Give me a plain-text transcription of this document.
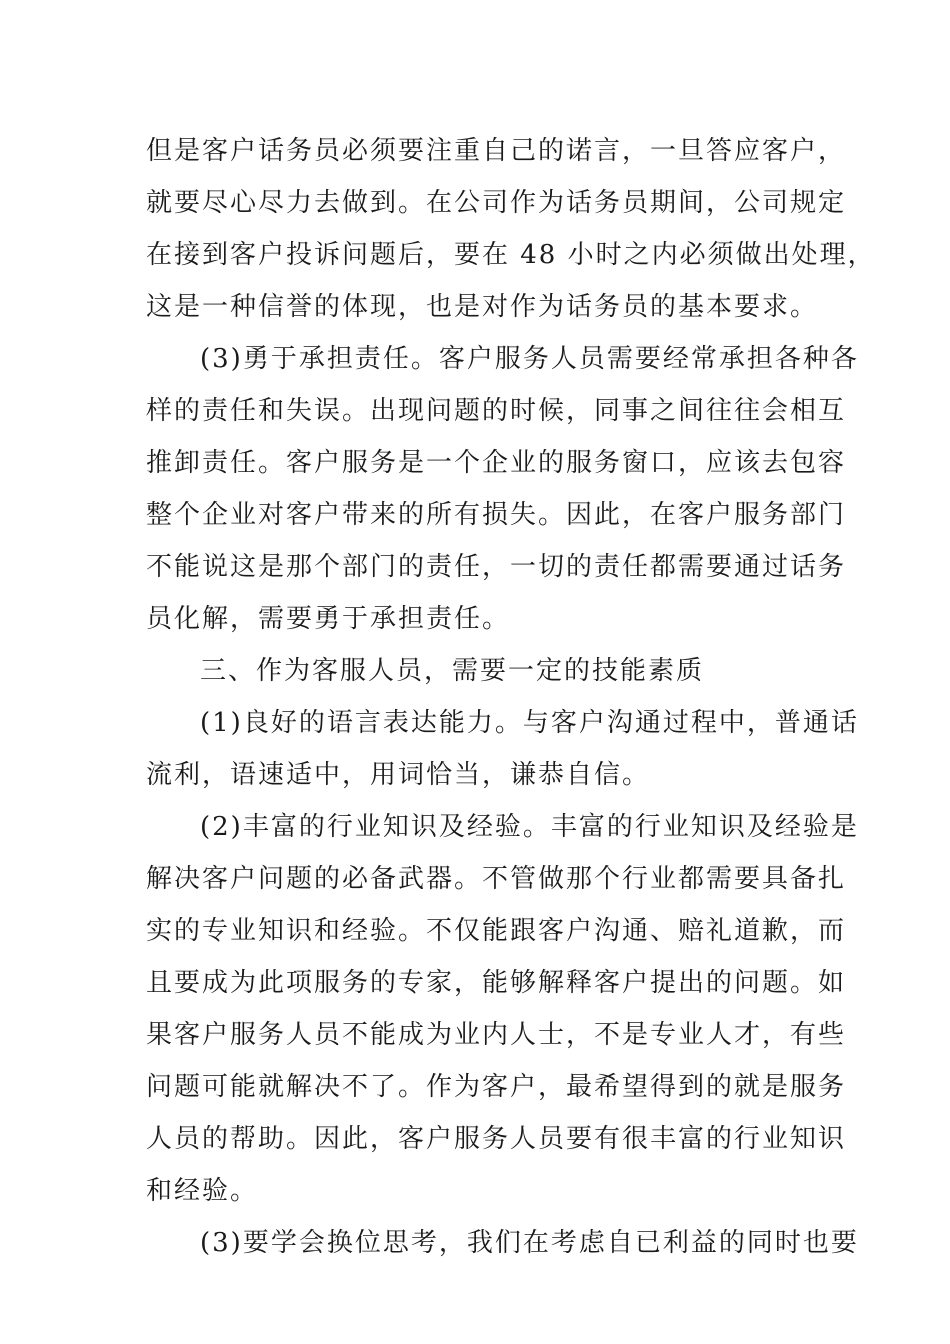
但是客户话务员必须要注重自己的诺言，一旦答应客户，
就要尽心尽力去做到。在公司作为话务员期间，公司规定
在接到客户投诉问题后，要在 48 小时之内必须做出处理，
这是一种信誉的体现，也是对作为话务员的基本要求。
(3)勇于承担责任。客户服务人员需要经常承担各种各
样的责任和失误。出现问题的时候，同事之间往往会相互
推卸责任。客户服务是一个企业的服务窗口，应该去包容
整个企业对客户带来的所有损失。因此，在客户服务部门
不能说这是那个部门的责任，一切的责任都需要通过话务
员化解，需要勇于承担责任。
三、作为客服人员，需要一定的技能素质
(1)良好的语言表达能力。与客户沟通过程中，普通话
流利，语速适中，用词恰当，谦恭自信。
(2)丰富的行业知识及经验。丰富的行业知识及经验是
解决客户问题的必备武器。不管做那个行业都需要具备扎
实的专业知识和经验。不仅能跟客户沟通、赔礼道歉，而
且要成为此项服务的专家，能够解释客户提出的问题。如
果客户服务人员不能成为业内人士，不是专业人才，有些
问题可能就解决不了。作为客户，最希望得到的就是服务
人员的帮助。因此，客户服务人员要有很丰富的行业知识
和经验。
(3)要学会换位思考，我们在考虑自已利益的同时也要
